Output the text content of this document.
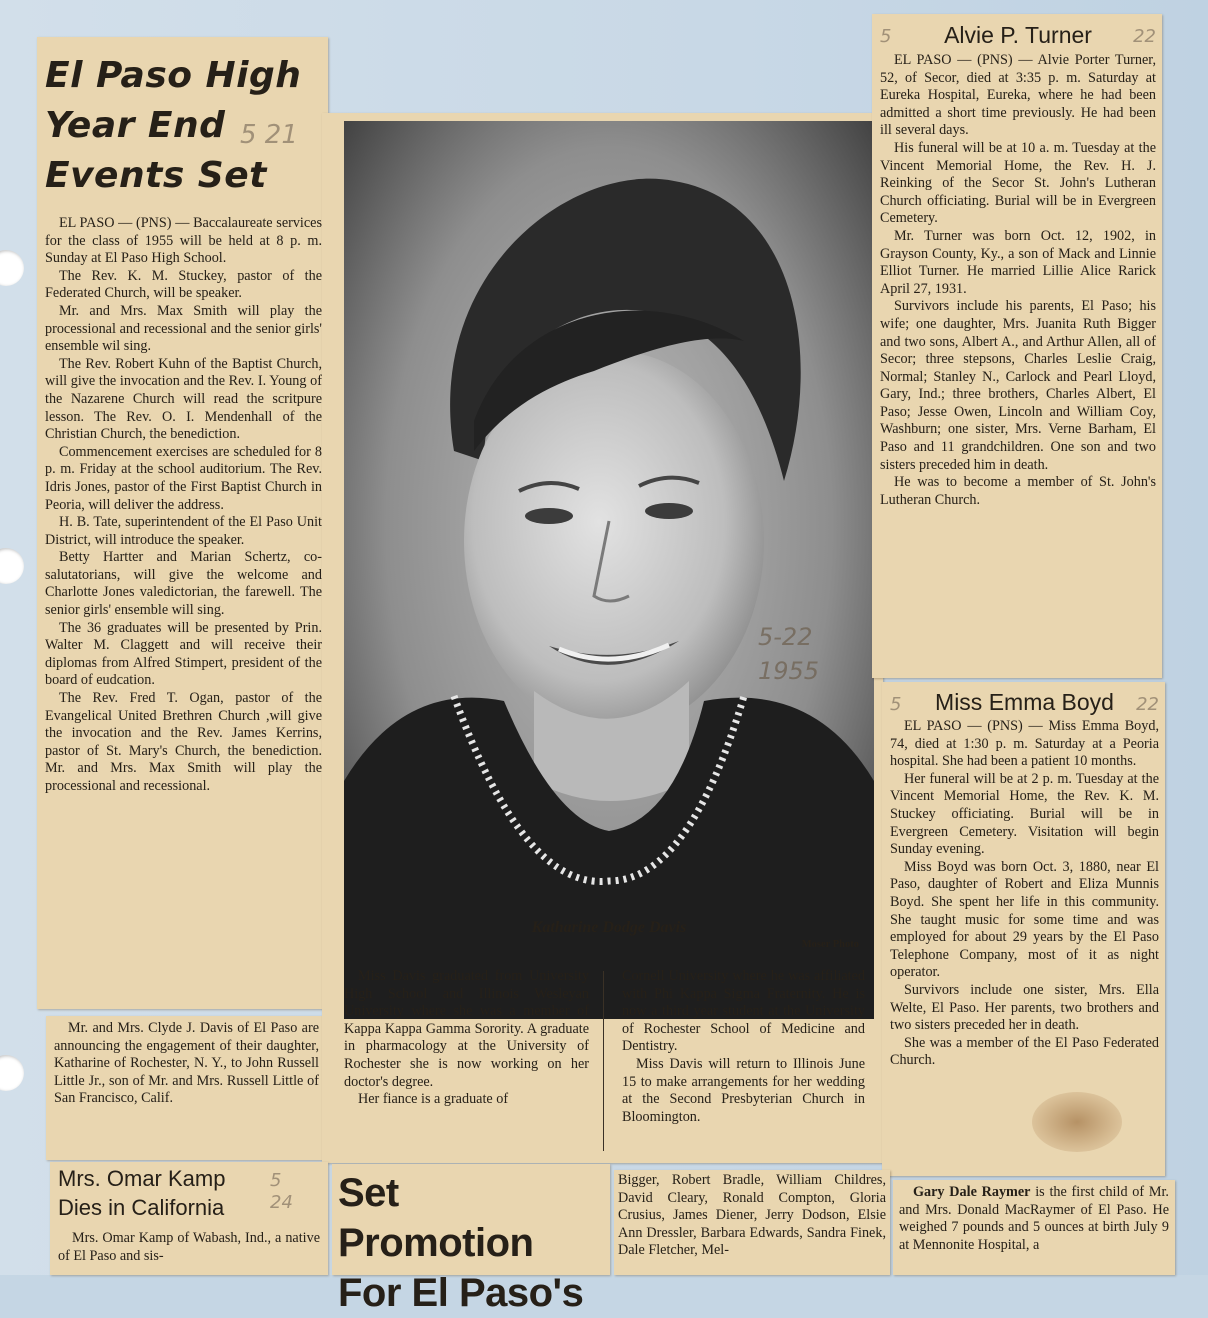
El Paso High
Year End
Events Set

EL PASO — (PNS) — Baccalaureate services for the class of 1955 will be held at 8 p. m. Sunday at El Paso High School.

The Rev. K. M. Stuckey, pastor of the Federated Church, will be speaker.

Mr. and Mrs. Max Smith will play the processional and recessional and the senior girls' ensemble wil sing.

The Rev. Robert Kuhn of the Baptist Church, will give the invocation and the Rev. I. Young of the Nazarene Church will read the scritpure lesson. The Rev. O. I. Mendenhall of the Christian Church, the benediction.

Commencement exercises are scheduled for 8 p. m. Friday at the school auditorium. The Rev. Idris Jones, pastor of the First Baptist Church in Peoria, will deliver the address.

H. B. Tate, superintendent of the El Paso Unit District, will introduce the speaker.

Betty Hartter and Marian Schertz, co-salutatorians, will give the welcome and Charlotte Jones valedictorian, the farewell. The senior girls' ensemble will sing.

The 36 graduates will be presented by Prin. Walter M. Claggett and will receive their diplomas from Alfred Stimpert, president of the board of eudcation.

The Rev. Fred T. Ogan, pastor of the Evangelical United Brethren Church ,will give the invocation and the Rev. James Kerrins, pastor of St. Mary's Church, the benediction. Mr. and Mrs. Max Smith will play the processional and recessional.

5 21

Mr. and Mrs. Clyde J. Davis of El Paso are announcing the engagement of their daughter, Katharine of Rochester, N. Y., to John Russell Little Jr., son of Mr. and Mrs. Russell Little of San Francisco, Calif.

Katharine Dodge Davis
Moser Photo

Miss Davis graduated from University High School and Illinois Wesleyan University where she was a member of Kappa Kappa Gamma Sorority. A graduate in pharmacology at the University of Rochester she is now working on her doctor's degree.

Her fiance is a graduate of

Cornell University where he was affiliated with Phi Kappa Sigma Fraternity. He is now a third year student at the University of Rochester School of Medicine and Dentistry.

Miss Davis will return to Illinois June 15 to make arrangements for her wedding at the Second Presbyterian Church in Bloomington.

5-22 1955
5	Alvie P. Turner	22

EL PASO — (PNS) — Alvie Porter Turner, 52, of Secor, died at 3:35 p. m. Saturday at Eureka Hospital, Eureka, where he had been admitted a short time previously. He had been ill several days.

His funeral will be at 10 a. m. Tuesday at the Vincent Memorial Home, the Rev. H. J. Reinking of the Secor St. John's Lutheran Church officiating. Burial will be in Evergreen Cemetery.

Mr. Turner was born Oct. 12, 1902, in Grayson County, Ky., a son of Mack and Linnie Elliot Turner. He married Lillie Alice Rarick April 27, 1931.

Survivors include his parents, El Paso; his wife; one daughter, Mrs. Juanita Ruth Bigger and two sons, Albert A., and Arthur Allen, all of Secor; three stepsons, Charles Leslie Craig, Normal; Stanley N., Carlock and Pearl Lloyd, Gary, Ind.; three brothers, Charles Albert, El Paso; Jesse Owen, Lincoln and William Coy, Washburn; one sister, Mrs. Verne Barham, El Paso and 11 grandchildren. One son and two sisters preceded him in death.

He was to become a member of St. John's Lutheran Church.

5	Miss Emma Boyd	22

EL PASO — (PNS) — Miss Emma Boyd, 74, died at 1:30 p. m. Saturday at a Peoria hospital. She had been a patient 10 months.

Her funeral will be at 2 p. m. Tuesday at the Vincent Memorial Home, the Rev. K. M. Stuckey officiating. Burial will be in Evergreen Cemetery. Visitation will begin Sunday evening.

Miss Boyd was born Oct. 3, 1880, near El Paso, daughter of Robert and Eliza Munnis Boyd. She spent her life in this community. She taught music for some time and was employed for about 29 years by the El Paso Telephone Company, most of it as night operator.

Survivors include one sister, Mrs. Ella Welte, El Paso. Her parents, two brothers and two sisters preceded her in death.

She was a member of the El Paso Federated Church.

Mrs. Omar Kamp
Dies in California

Mrs. Omar Kamp of Wabash, Ind., a native of El Paso and sis-

5 24	Set Promotion
For El Paso's

Bigger, Robert Bradle, William Childres, David Cleary, Ronald Compton, Gloria Crusius, James Diener, Jerry Dodson, Elsie Ann Dressler, Barbara Edwards, Sandra Finek, Dale Fletcher, Mel-

Gary Dale Raymer is the first child of Mr. and Mrs. Donald MacRaymer of El Paso. He weighed 7 pounds and 5 ounces at birth July 9 at Mennonite Hospital, a
